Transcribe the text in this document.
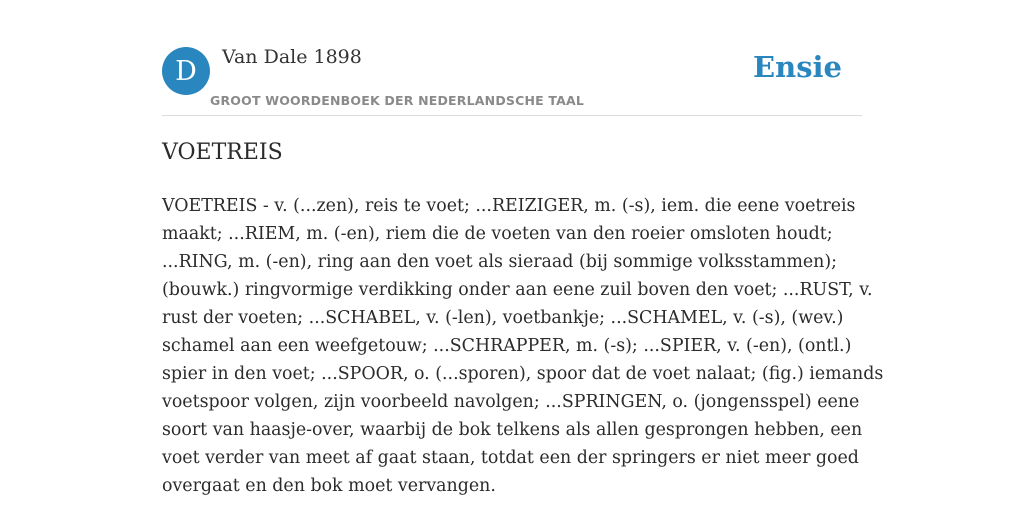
D Van Dale 1898
GROOT WOORDENBOEK DER NEDERLANDSCHE TAAL
Ensie
VOETREIS
VOETREIS - v. (...zen), reis te voet; ...REIZIGER, m. (-s), iem. die eene voetreis
maakt; ...RIEM, m. (-en), riem die de voeten van den roeier omsloten houdt;
...RING, m. (-en), ring aan den voet als sieraad (bij sommige volksstammen);
(bouwk.) ringvormige verdikking onder aan eene zuil boven den voet; ...RUST, v.
rust der voeten; ...SCHABEL, v. (-len), voetbankje; ...SCHAMEL, v. (-s), (wev.)
schamel aan een weefgetouw; ...SCHRAPPER, m. (-s); ...SPIER, v. (-en), (ontl.)
spier in den voet; ...SPOOR, o. (...sporen), spoor dat de voet nalaat; (fig.) iemands
voetspoor volgen, zijn voorbeeld navolgen; ...SPRINGEN, o. (jongensspel) eene
soort van haasje-over, waarbij de bok telkens als allen gesprongen hebben, een
voet verder van meet af gaat staan, totdat een der springers er niet meer goed
overgaat en den bok moet vervangen.
